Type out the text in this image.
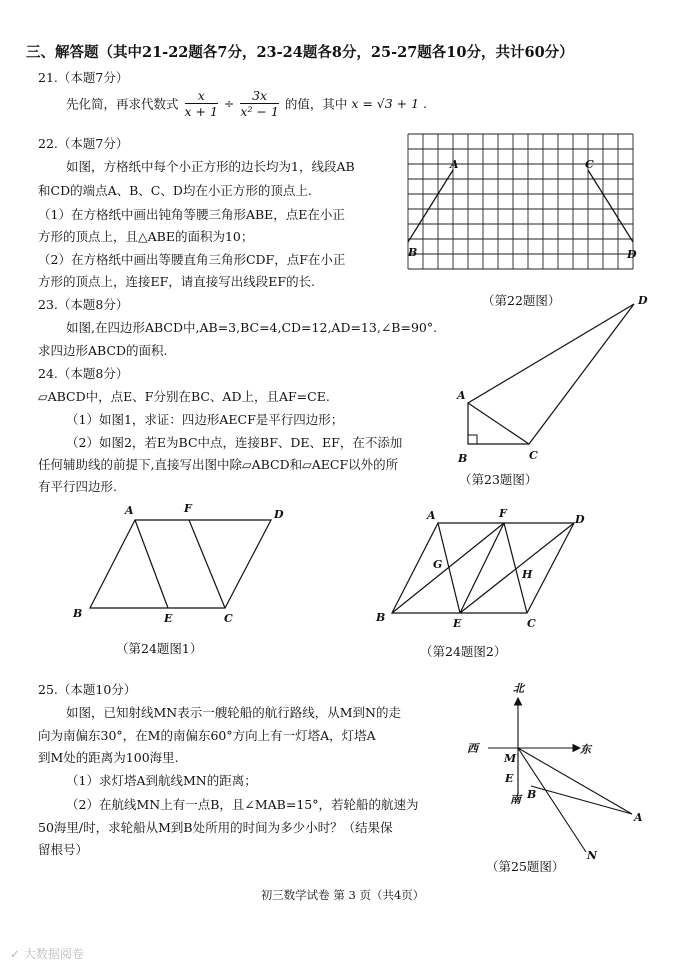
三、解答题（其中21-22题各7分，23-24题各8分，25-27题各10分，共计60分）
21.（本题7分）
先化简，再求代数式 $\frac{x}{x + 1} \div \frac{3x}{\text{x² − 1}}$ 的值，其中 x = √3 + 1 .
22.（本题7分）
如图，方格纸中每个小正方形的边长均为1，线段AB
和CD的端点A、B、C、D均在小正方形的顶点上.
（1）在方格纸中画出钝角等腰三角形ABE，点E在小正
方形的顶点上，且△ABE的面积为10；
（2）在方格纸中画出等腰直角三角形CDF，点F在小正
方形的顶点上，连接EF，请直接写出线段EF的长.
A
B
C
D
（第22题图）
23.（本题8分）
如图,在四边形ABCD中,AB=3,BC=4,CD=12,AD=13,∠B=90°.
求四边形ABCD的面积.
A
B	C
D
（第23题图）
24.（本题8分）
▱ABCD中，点E、F分别在BC、AD上，且AF=CE.
（1）如图1，求证：四边形AECF是平行四边形；
（2）如图2，若E为BC中点，连接BF、DE、EF，在不添加
任何辅助线的前提下,直接写出图中除▱ABCD和▱AECF以外的所
有平行四边形.
A	F	D
B	E	C
（第24题图1）
A	F	D
G
H
B	E	C
（第24题图2）
25.（本题10分）
如图，已知射线MN表示一艘轮船的航行路线，从M到N的走
向为南偏东30°，在M的南偏东60°方向上有一灯塔A，灯塔A
到M处的距离为100海里.
（1）求灯塔A到航线MN的距离；
（2）在航线MN上有一点B，且∠MAB=15°，若轮船的航速为
50海里/时，求轮船从M到B处所用的时间为多少小时？（结果保
留根号）
北
西	东
南
M
E
B
A
N
（第25题图）
初三数学试卷 第 3 页（共4页）
✓ 大数据阅卷
